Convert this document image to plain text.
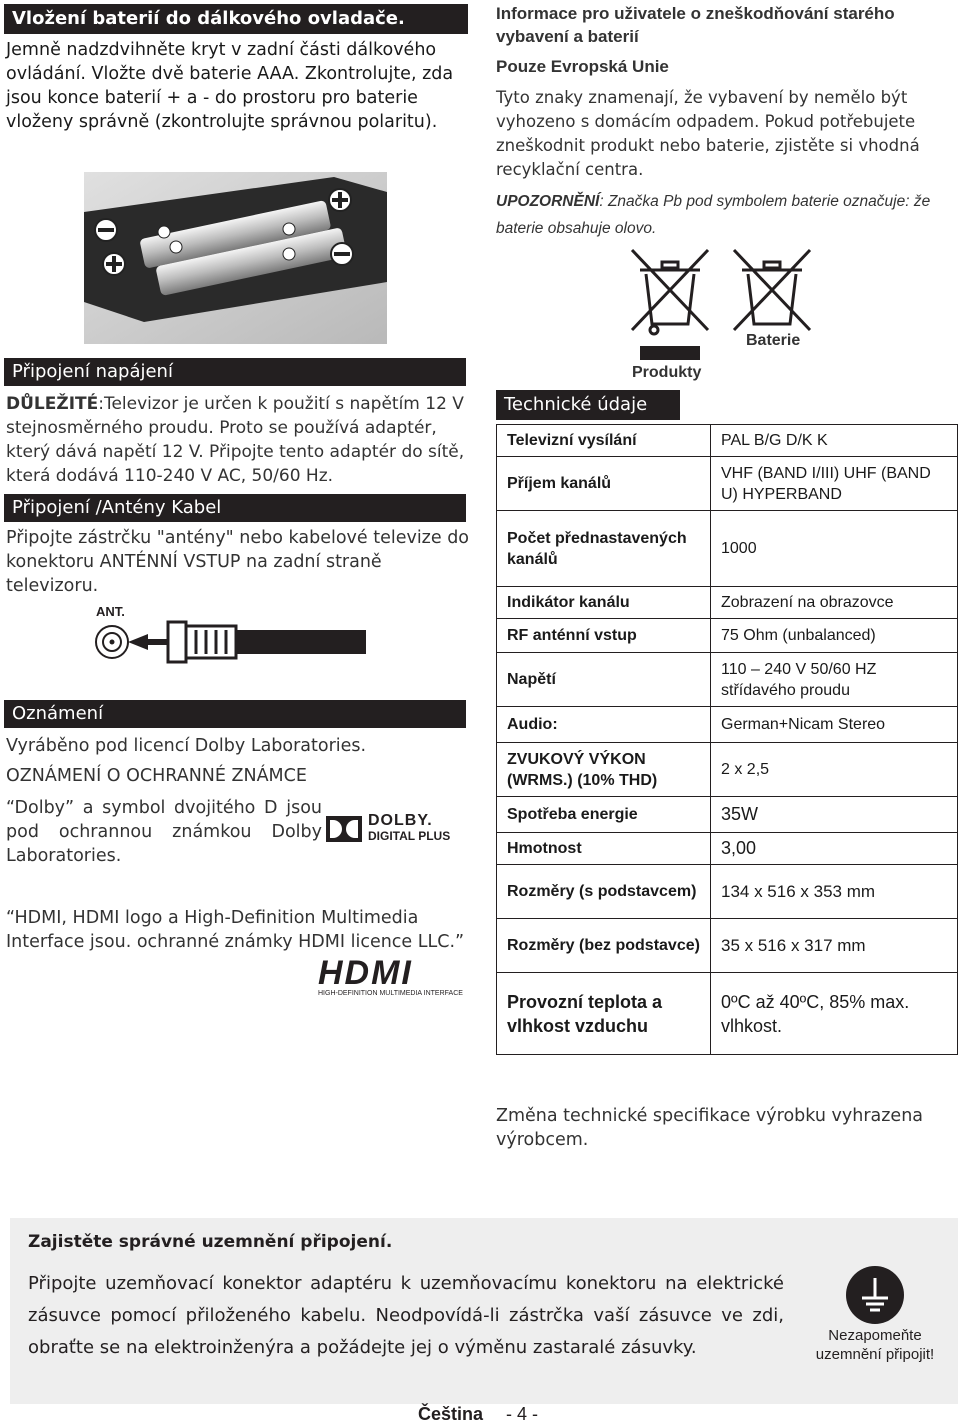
Vložení baterií do dálkového ovladače.
Jemně nadzdvihněte kryt v zadní části dálkového ovládání. Vložte dvě baterie AAA. Zkontrolujte, zda jsou konce baterií + a - do prostoru pro baterie vloženy správně (zkontrolujte správnou polaritu).
Informace pro uživatele o zneškodňování starého vybavení a baterií
Pouze Evropská Unie
Tyto znaky znamenají, že vybavení by nemělo být vyhozeno s domácím odpadem. Pokud potřebujete zneškodnit produkt nebo baterie, zjistěte si vhodná recyklační centra.
UPOZORNĚNÍ: Značka Pb pod symbolem baterie označuje: že baterie obsahuje olovo.
Baterie
Produkty
Připojení napájení
DŮLEŽITÉ:Televizor je určen k použití s napětím 12 V stejnosměrného proudu. Proto se používá adaptér, který dává napětí 12 V. Připojte tento adaptér do sítě, která dodává 110-240 V AC, 50/60 Hz.
Připojení /Antény Kabel
Připojte zástrčku "antény" nebo kabelové televize do konektoru ANTÉNNÍ VSTUP na zadní straně televizoru.
ANT.
Oznámení
Vyráběno pod licencí Dolby Laboratories.
OZNÁMENÍ O OCHRANNÉ ZNÁMCE
“Dolby” a symbol dvojitého D jsou pod ochrannou známkou Dolby Laboratories.
DOLBY.
DIGITAL PLUS
“HDMI, HDMI logo a High-Definition Multimedia Interface jsou. ochranné známky HDMI licence LLC.”
HDMI
HIGH-DEFINITION MULTIMEDIA INTERFACE
Technické údaje
Televizní vysílání	PAL B/G D/K K
Příjem kanálů	VHF (BAND I/III) UHF (BAND U) HYPERBAND
Počet přednastavených kanálů	1000
Indikátor kanálu	Zobrazení na obrazovce
RF anténní vstup	75 Ohm (unbalanced)
Napětí	110 – 240 V 50/60 HZ střídavého proudu
Audio:	German+Nicam Stereo
ZVUKOVÝ VÝKON (WRMS.) (10% THD)	2 x 2,5
Spotřeba energie	35W
Hmotnost	3,00
Rozměry (s podstavcem)	134 x 516 x 353 mm
Rozměry (bez podstavce)	35 x 516 x 317 mm
Provozní teplota a vlhkost vzduchu	0ºC až 40ºC, 85% max. vlhkost.
Změna technické specifikace výrobku vyhrazena výrobcem.
Zajistěte správné uzemnění připojení.
Připojte uzemňovací konektor adaptéru k uzemňovacímu konektoru na elektrické zásuvce pomocí přiloženého kabelu. Neodpovídá-li zástrčka vaší zásuvce ve zdi, obraťte se na elektroinženýra a požádejte jej o výměnu zastaralé zásuvky.
Nezapomeňte uzemnění připojit!
Čeština - 4 -
